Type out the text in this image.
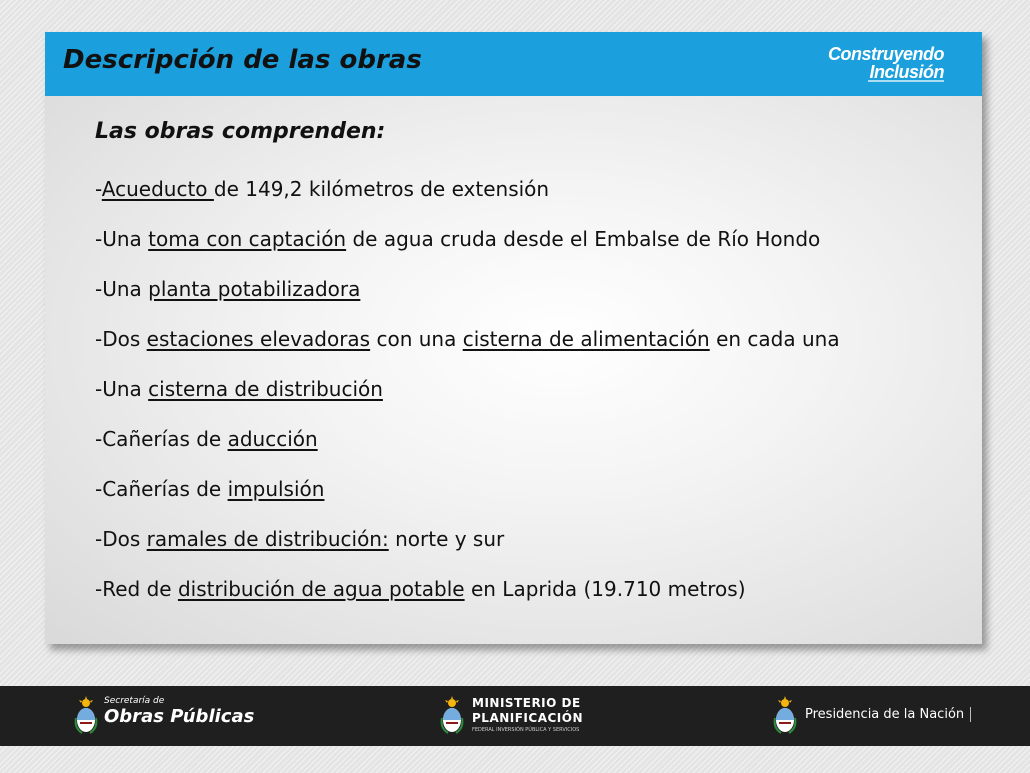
Descripción de las obras	Construyendo
Inclusión
Las obras comprenden:
-Acueducto de 149,2 kilómetros de extensión
-Una toma con captación de agua cruda desde el Embalse de Río Hondo
-Una planta potabilizadora
-Dos estaciones elevadoras con una cisterna de alimentación en cada una
-Una cisterna de distribución
-Cañerías de aducción
-Cañerías de impulsión
-Dos ramales de distribución: norte y sur
-Red de distribución de agua potable en Laprida (19.710 metros)
Secretaría de
Obras Públicas
MINISTERIO DE
PLANIFICACIÓN
FEDERAL INVERSIÓN PÚBLICA Y SERVICIOS
Presidencia de la Nación
